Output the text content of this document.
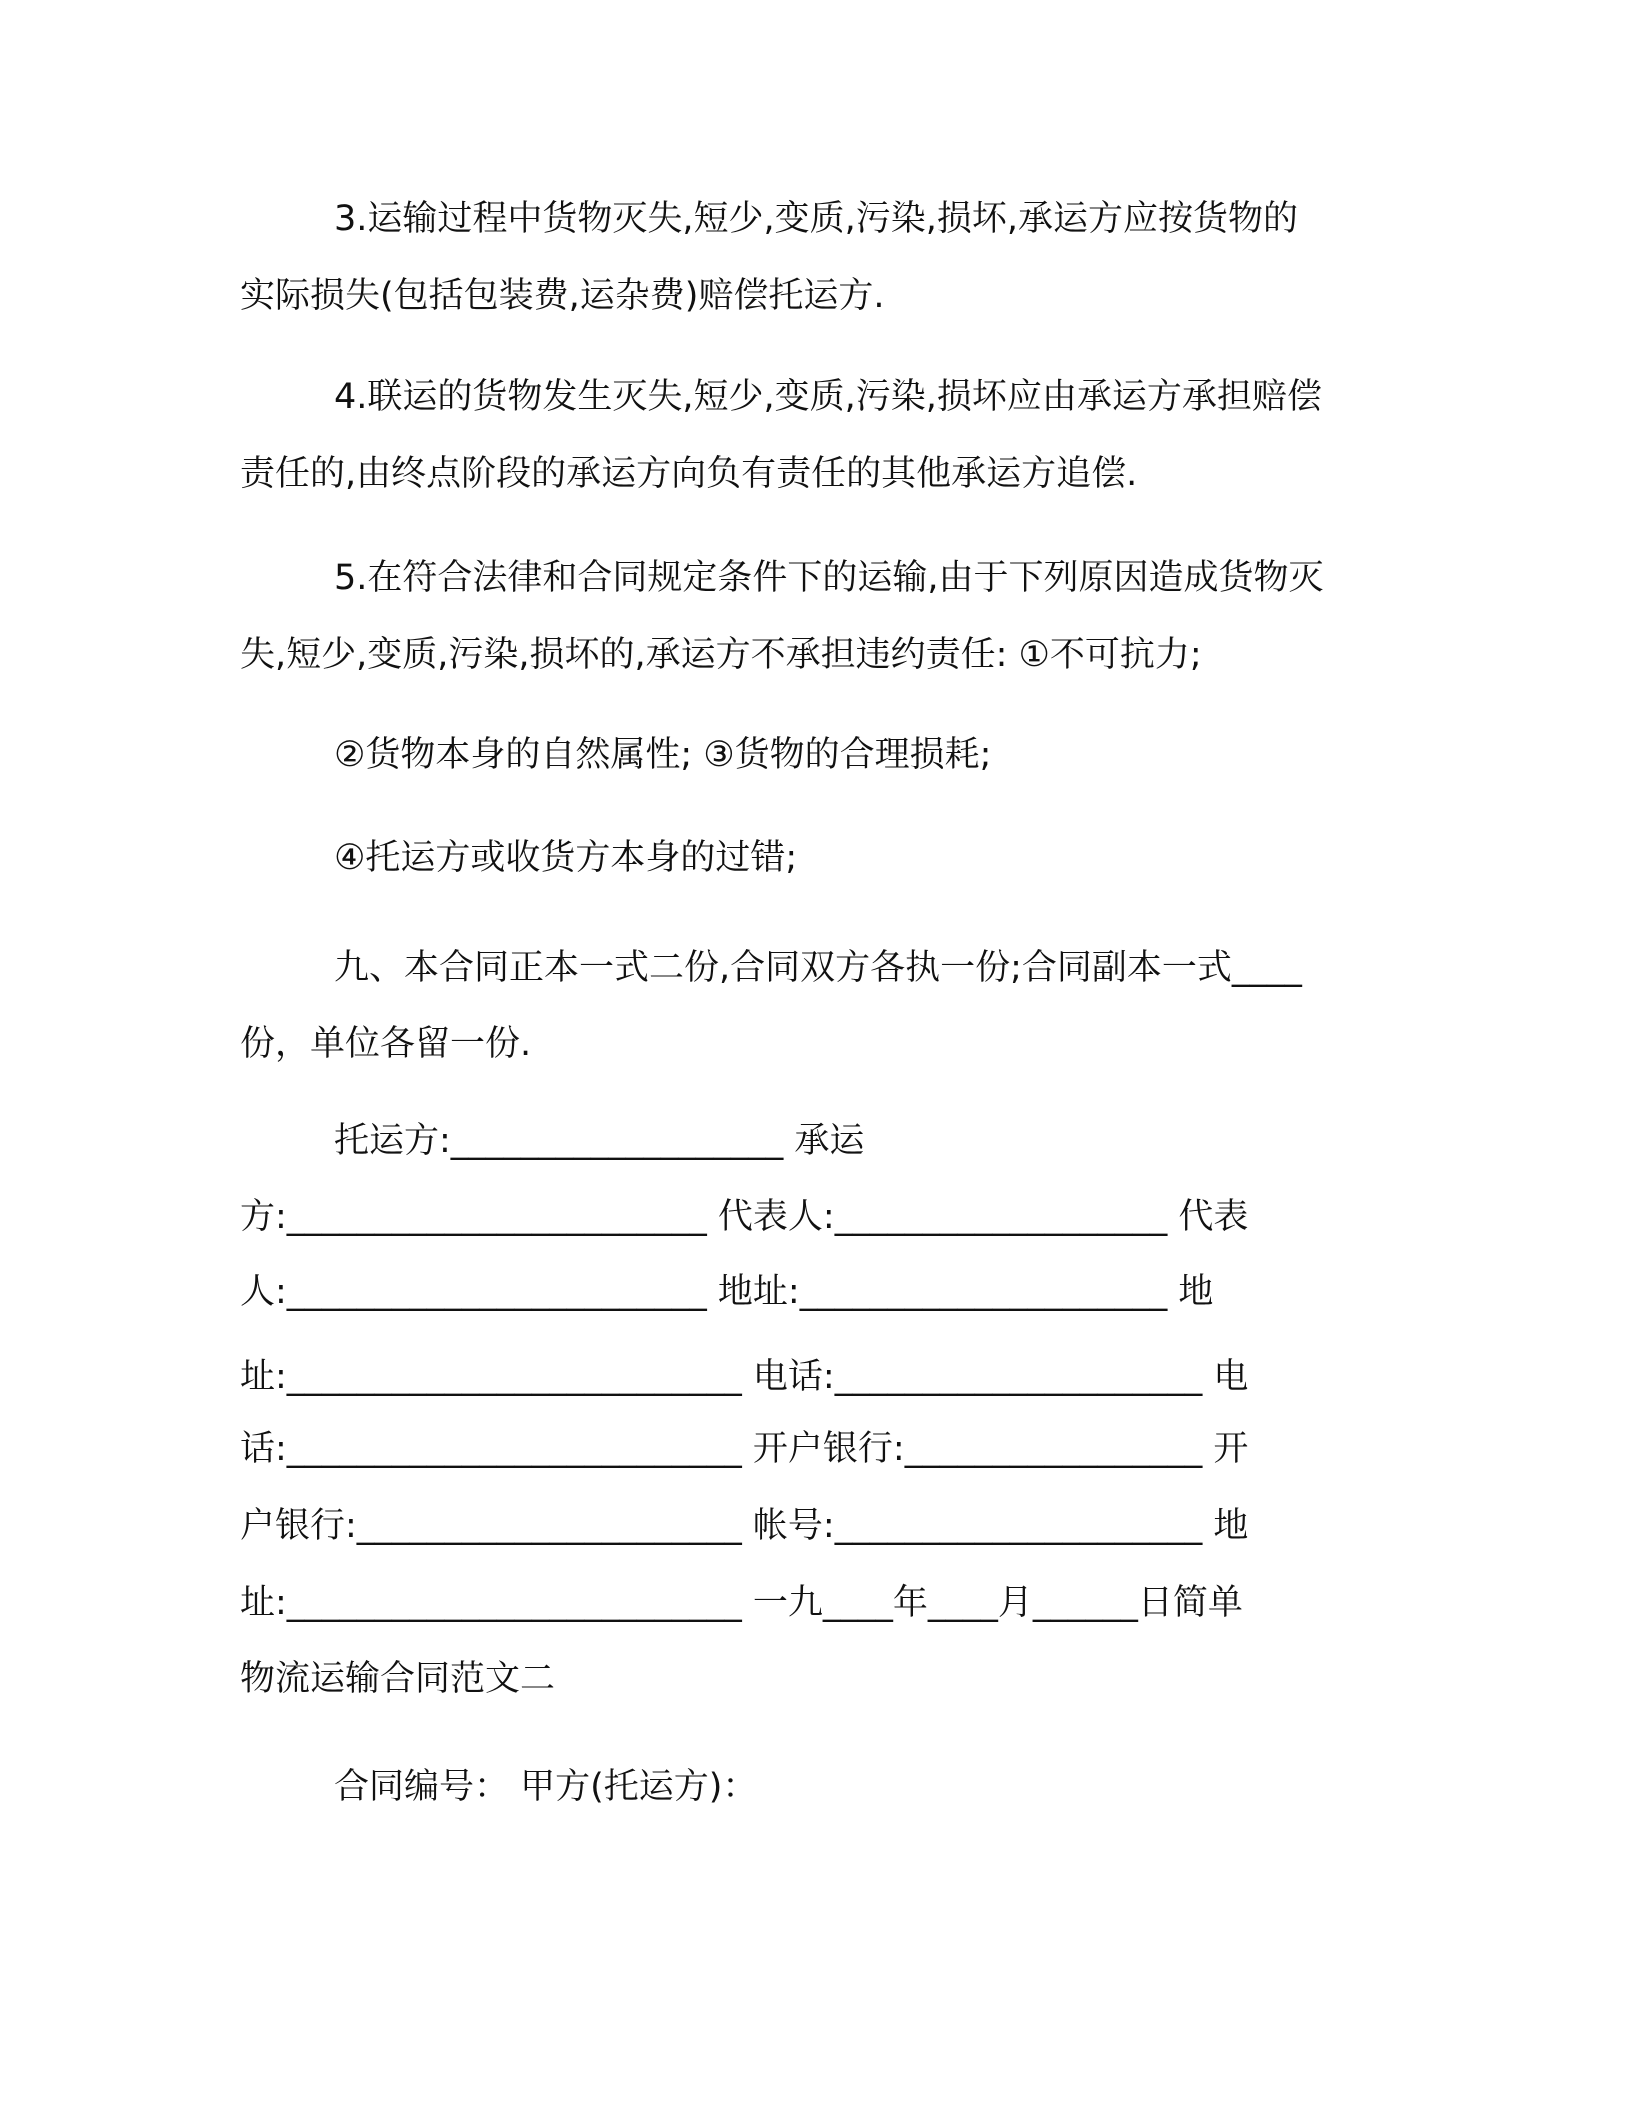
3.运输过程中货物灭失,短少,变质,污染,损坏,承运方应按货物的
实际损失(包括包装费,运杂费)赔偿托运方.
4.联运的货物发生灭失,短少,变质,污染,损坏应由承运方承担赔偿
责任的,由终点阶段的承运方向负有责任的其他承运方追偿.
5.在符合法律和合同规定条件下的运输,由于下列原因造成货物灭
失,短少,变质,污染,损坏的,承运方不承担违约责任: ①不可抗力;
②货物本身的自然属性; ③货物的合理损耗;
④托运方或收货方本身的过错;
九、本合同正本一式二份,合同双方各执一份;合同副本一式____
份，单位各留一份.
托运方:___________________ 承运
方:________________________ 代表人:___________________ 代表
人:________________________ 地址:_____________________ 地
址:__________________________ 电话:_____________________ 电
话:__________________________ 开户银行:_________________ 开
户银行:______________________ 帐号:_____________________ 地
址:__________________________ 一九____年____月______日简单
物流运输合同范文二
合同编号： 甲方(托运方)：
